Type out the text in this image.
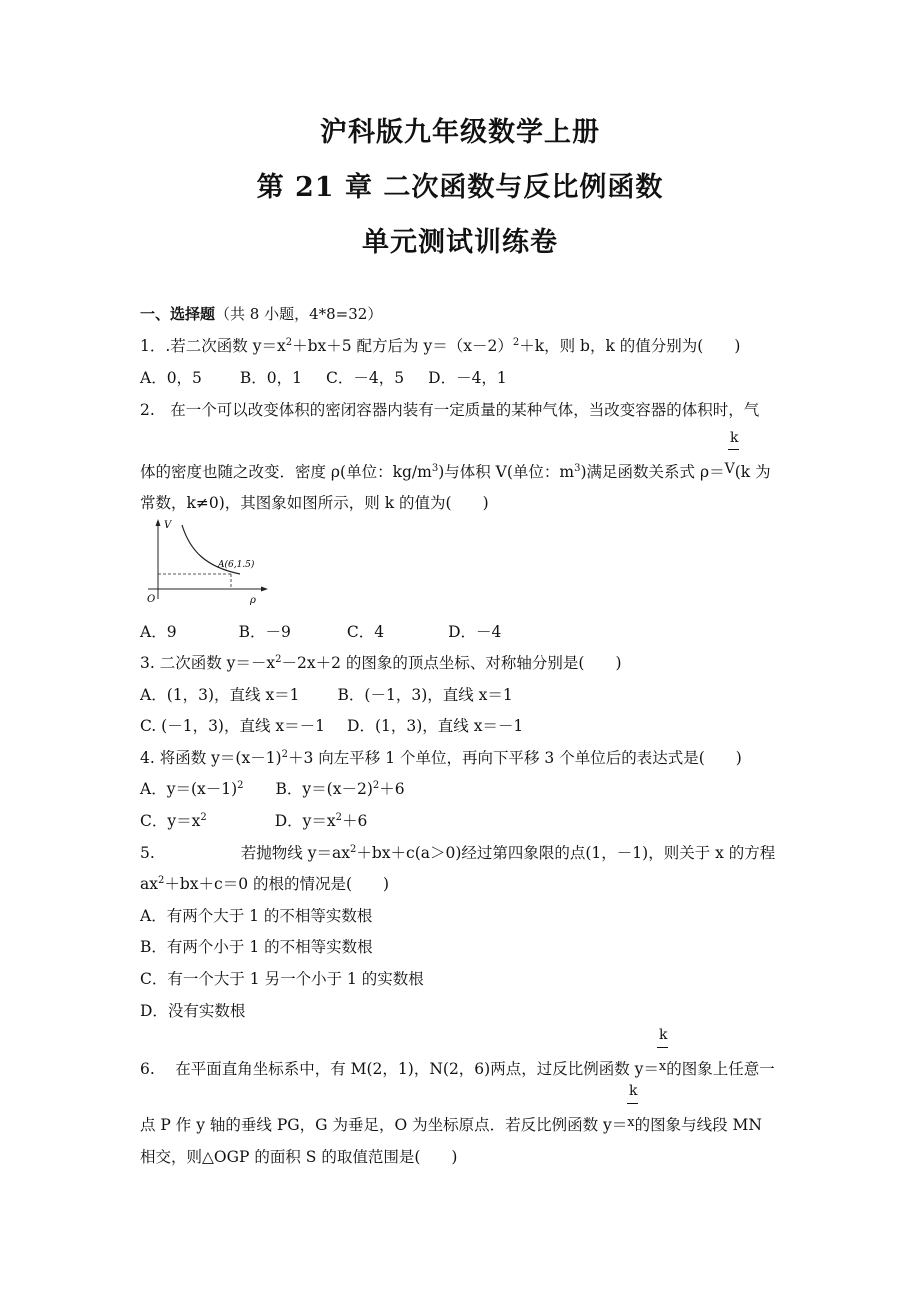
沪科版九年级数学上册
第 21 章 二次函数与反比例函数
单元测试训练卷
一、选择题（共 8 小题，4*8=32）
1．.若二次函数 $y=x^2+bx+5$ 配方后为 $y=(x-2)^2+k$，则 b，k 的值分别为(　　)
A．0，5 B．0，1 C．－4，5 D．－4，1
2.　在一个可以改变体积的密闭容器内装有一定质量的某种气体，当改变容器的体积时，气
k
体的密度也随之改变．密度 ρ(单位：$kg/m^3$)与体积 V(单位：$m^3$)满足函数关系式 ρ＝V(k 为
常数，k≠0)，其图象如图所示，则 k 的值为(　　)
V
ρ
O
A(6,1.5)
A．9	B．－9	C．4	D．－4
3. 二次函数 $y=-x^2-2x+2$ 的图象的顶点坐标、对称轴分别是(　　)
A．(1，3)，直线 x＝1 B．(－1，3)，直线 x＝1
C. (－1，3)，直线 x＝－1 D．(1，3)，直线 x＝－1
4. 将函数 $y=(x-1)^2+3$ 向左平移 1 个单位，再向下平移 3 个单位后的表达式是(　　)
A．$y=(x-1)^2$ B．$y=(x-2)^2+6$
C．$y=x^2$	D．$y=x^2+6$
5.	若抛物线 $y=ax^2+bx+c(a>0)$经过第四象限的点(1，－1)，则关于 x 的方程
$ax^2+bx+c=0$ 的根的情况是(　　)
A．有两个大于 1 的不相等实数根
B．有两个小于 1 的不相等实数根
C．有一个大于 1 另一个小于 1 的实数根
D．没有实数根
k
6.　 在平面直角坐标系中，有 M(2，1)，N(2，6)两点，过反比例函数 y＝$^x$的图象上任意一
k
点 P 作 y 轴的垂线 PG，G 为垂足，O 为坐标原点．若反比例函数 y＝$^x$的图象与线段 MN
相交，则△OGP 的面积 S 的取值范围是(　　)
